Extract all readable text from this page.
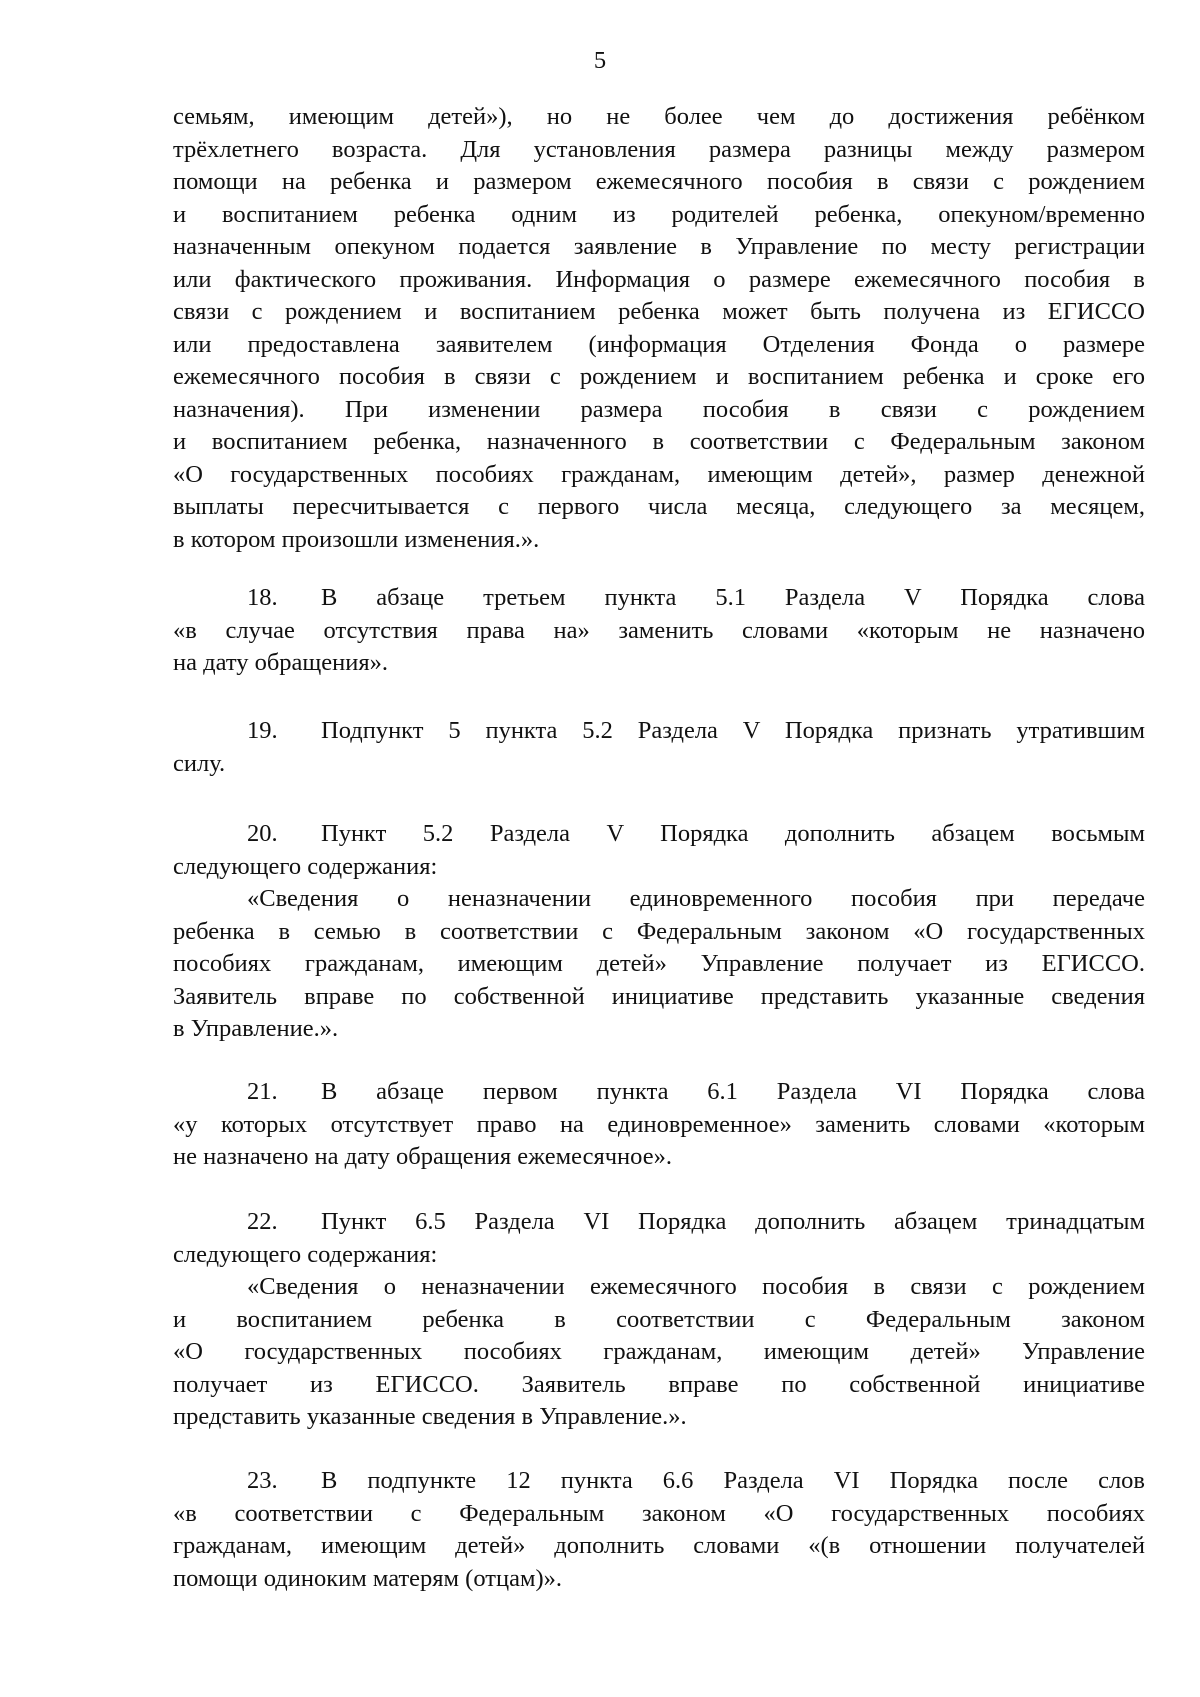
5
семьям, имеющим детей»), но не более чем до достижения ребёнком
трёхлетнего возраста. Для установления размера разницы между размером
помощи на ребенка и размером ежемесячного пособия в связи с рождением
и воспитанием ребенка одним из родителей ребенка, опекуном/временно
назначенным опекуном подается заявление в Управление по месту регистрации
или фактического проживания. Информация о размере ежемесячного пособия в
связи с рождением и воспитанием ребенка может быть получена из ЕГИССО
или предоставлена заявителем (информация Отделения Фонда о размере
ежемесячного пособия в связи с рождением и воспитанием ребенка и сроке его
назначения). При изменении размера пособия в связи с рождением
и воспитанием ребенка, назначенного в соответствии с Федеральным законом
«О государственных пособиях гражданам, имеющим детей», размер денежной
выплаты пересчитывается с первого числа месяца, следующего за месяцем,
в котором произошли изменения.».
18. В абзаце третьем пункта 5.1 Раздела V Порядка слова
«в случае отсутствия права на» заменить словами «которым не назначено
на дату обращения».
19. Подпункт 5 пункта 5.2 Раздела V Порядка признать утратившим
силу.
20. Пункт 5.2 Раздела V Порядка дополнить абзацем восьмым
следующего содержания:
«Сведения о неназначении единовременного пособия при передаче
ребенка в семью в соответствии с Федеральным законом «О государственных
пособиях гражданам, имеющим детей» Управление получает из ЕГИССО.
Заявитель вправе по собственной инициативе представить указанные сведения
в Управление.».
21. В абзаце первом пункта 6.1 Раздела VI Порядка слова
«у которых отсутствует право на единовременное» заменить словами «которым
не назначено на дату обращения ежемесячное».
22. Пункт 6.5 Раздела VI Порядка дополнить абзацем тринадцатым
следующего содержания:
«Сведения о неназначении ежемесячного пособия в связи с рождением
и воспитанием ребенка в соответствии с Федеральным законом
«О государственных пособиях гражданам, имеющим детей» Управление
получает из ЕГИССО. Заявитель вправе по собственной инициативе
представить указанные сведения в Управление.».
23. В подпункте 12 пункта 6.6 Раздела VI Порядка после слов
«в соответствии с Федеральным законом «О государственных пособиях
гражданам, имеющим детей» дополнить словами «(в отношении получателей
помощи одиноким матерям (отцам)».
